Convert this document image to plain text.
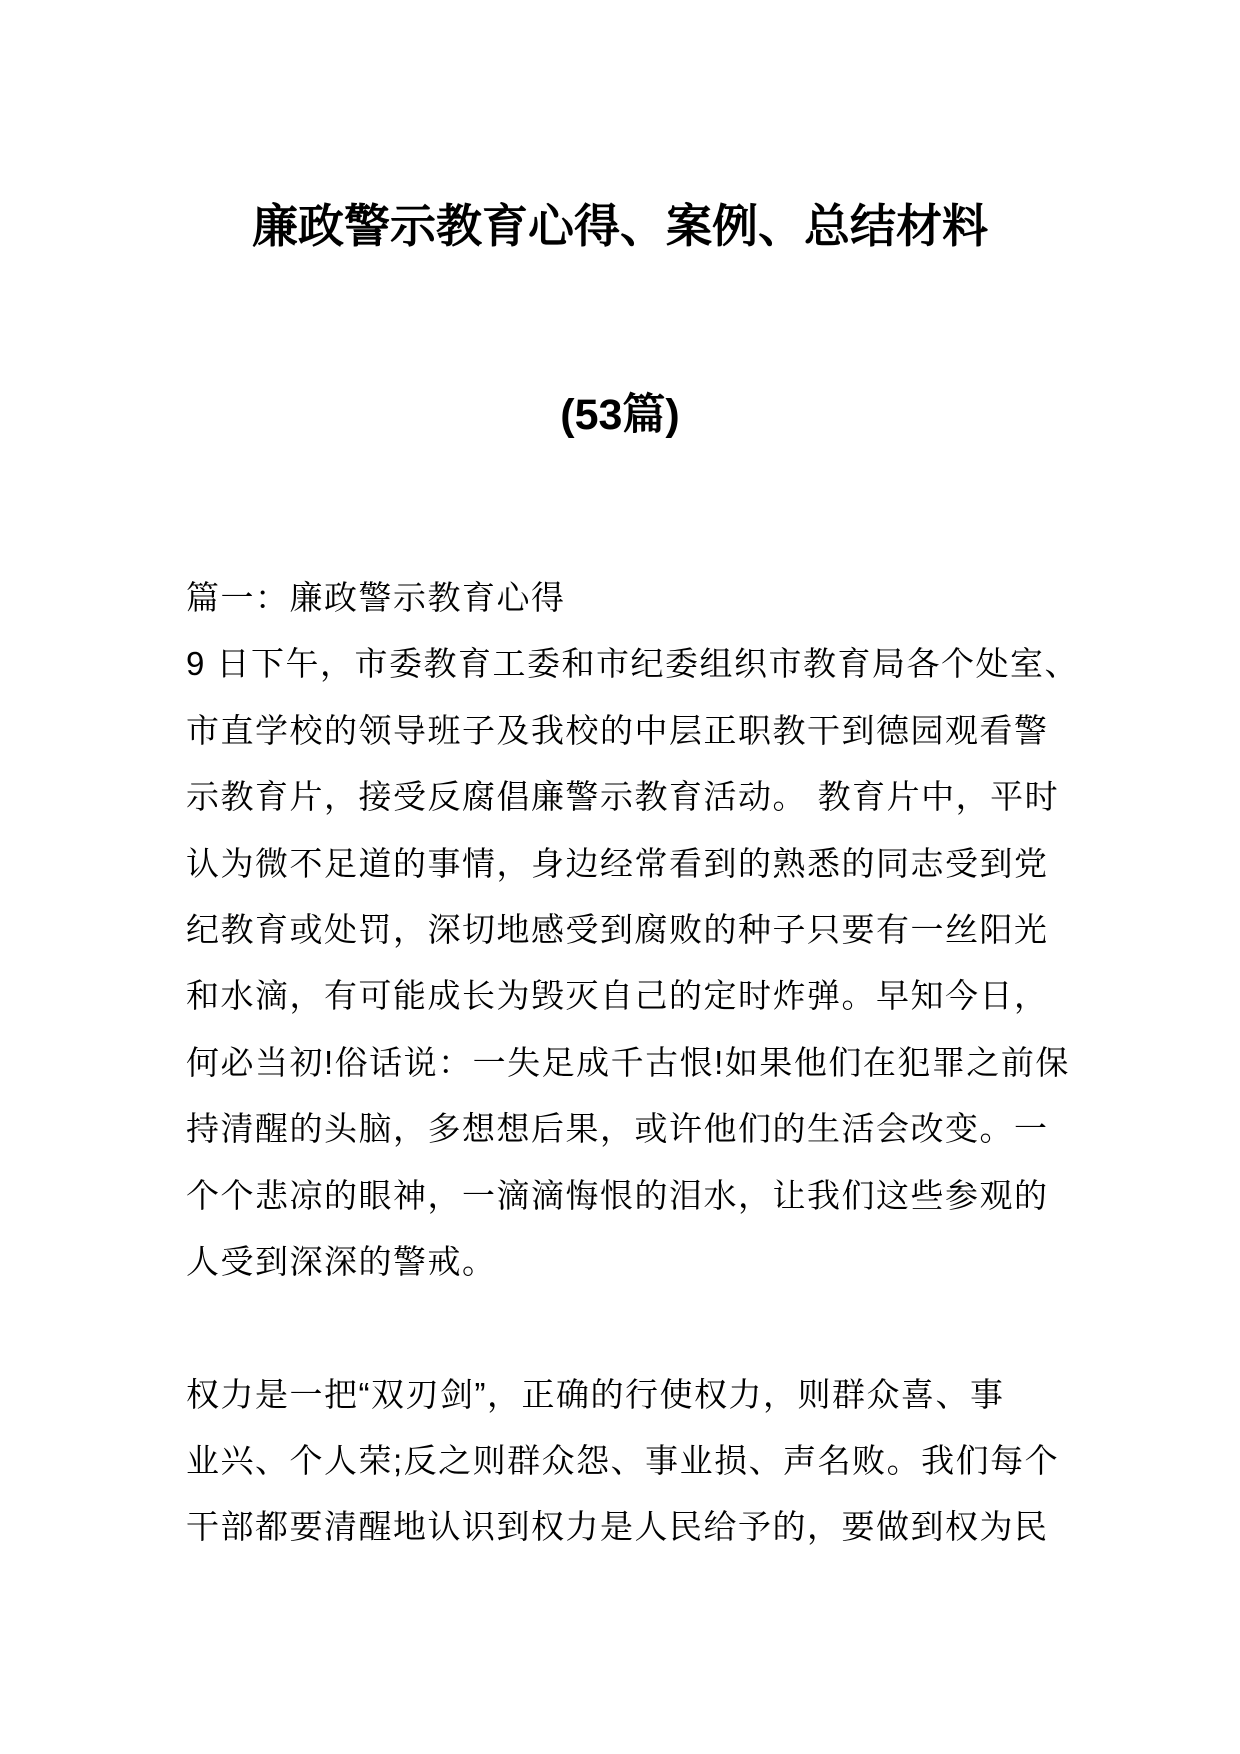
廉政警示教育心得、案例、总结材料
(53篇)
篇一：廉政警示教育心得
9 日下午，市委教育工委和市纪委组织市教育局各个处室、
市直学校的领导班子及我校的中层正职教干到德园观看警
示教育片，接受反腐倡廉警示教育活动。 教育片中，平时
认为微不足道的事情，身边经常看到的熟悉的同志受到党
纪教育或处罚，深切地感受到腐败的种子只要有一丝阳光
和水滴，有可能成长为毁灭自己的定时炸弹。早知今日，
何必当初!俗话说：一失足成千古恨!如果他们在犯罪之前保
持清醒的头脑，多想想后果，或许他们的生活会改变。一
个个悲凉的眼神，一滴滴悔恨的泪水，让我们这些参观的
人受到深深的警戒。
权力是一把“双刃剑”，正确的行使权力，则群众喜、事
业兴、个人荣;反之则群众怨、事业损、声名败。我们每个
干部都要清醒地认识到权力是人民给予的，要做到权为民
